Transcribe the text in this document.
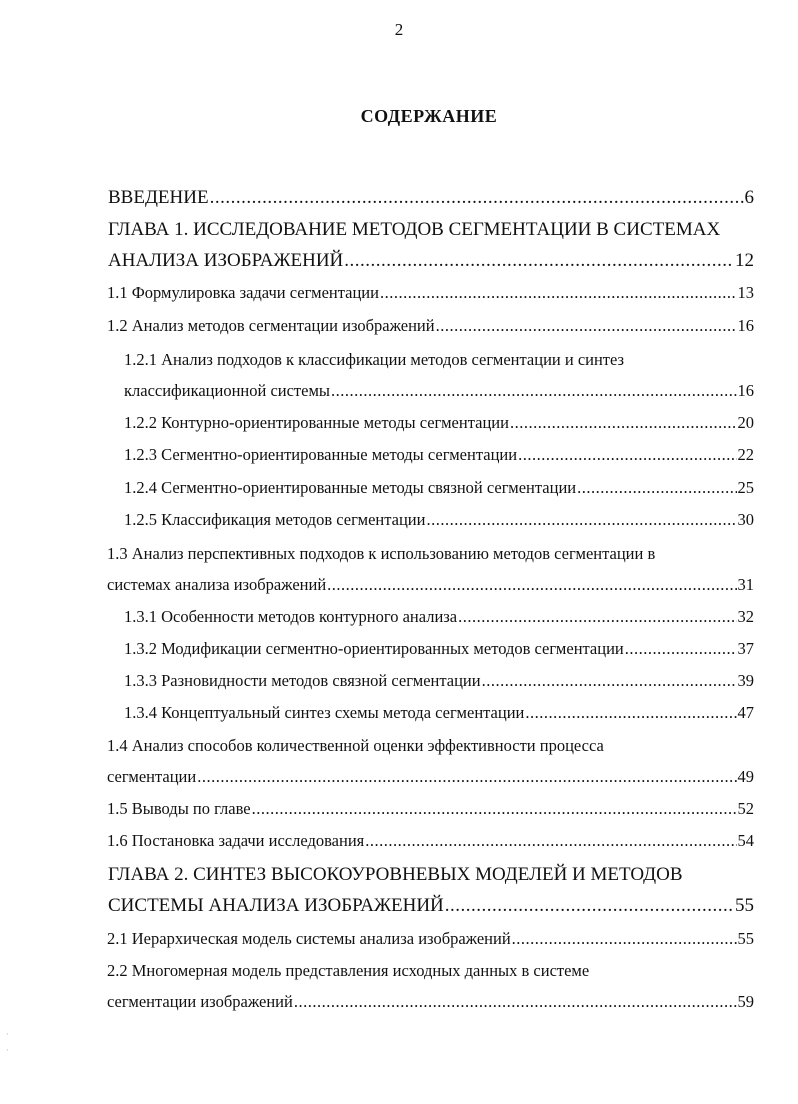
2
СОДЕРЖАНИЕ
ВВЕДЕНИЕ .....	6
ГЛАВА 1. ИССЛЕДОВАНИЕ МЕТОДОВ СЕГМЕНТАЦИИ В СИСТЕМАХ
АНАЛИЗА ИЗОБРАЖЕНИЙ .....	12
1.1 Формулировка задачи сегментации .....	13
1.2 Анализ методов сегментации изображений .....	16
1.2.1 Анализ подходов к классификации методов сегментации и синтез
классификационной системы .....	16
1.2.2 Контурно-ориентированные методы сегментации .....	20
1.2.3 Сегментно-ориентированные методы сегментации .....	22
1.2.4 Сегментно-ориентированные методы связной сегментации .....	25
1.2.5 Классификация методов сегментации .....	30
1.3 Анализ перспективных подходов к использованию методов сегментации в
системах анализа изображений .....	31
1.3.1 Особенности методов контурного анализа .....	32
1.3.2 Модификации сегментно-ориентированных методов сегментации .....	37
1.3.3 Разновидности методов связной сегментации .....	39
1.3.4 Концептуальный синтез схемы метода сегментации .....	47
1.4 Анализ способов количественной оценки эффективности процесса
сегментации .....	49
1.5 Выводы по главе .....	52
1.6 Постановка задачи исследования .....	54
ГЛАВА 2. СИНТЕЗ ВЫСОКОУРОВНЕВЫХ МОДЕЛЕЙ И МЕТОДОВ
СИСТЕМЫ АНАЛИЗА ИЗОБРАЖЕНИЙ .....	55
2.1 Иерархическая модель системы анализа изображений .....	55
2.2 Многомерная модель представления исходных данных в системе
сегментации изображений .....	59
·
·
